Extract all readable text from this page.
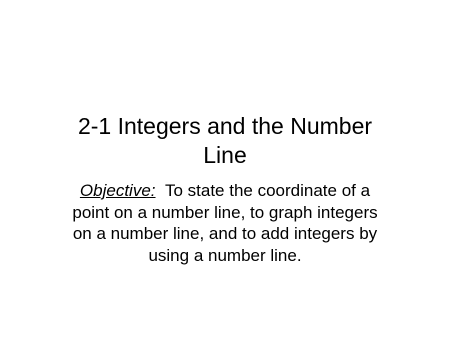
2-1 Integers and the Number
Line

Objective: To state the coordinate of a
point on a number line, to graph integers
on a number line, and to add integers by
using a number line.
